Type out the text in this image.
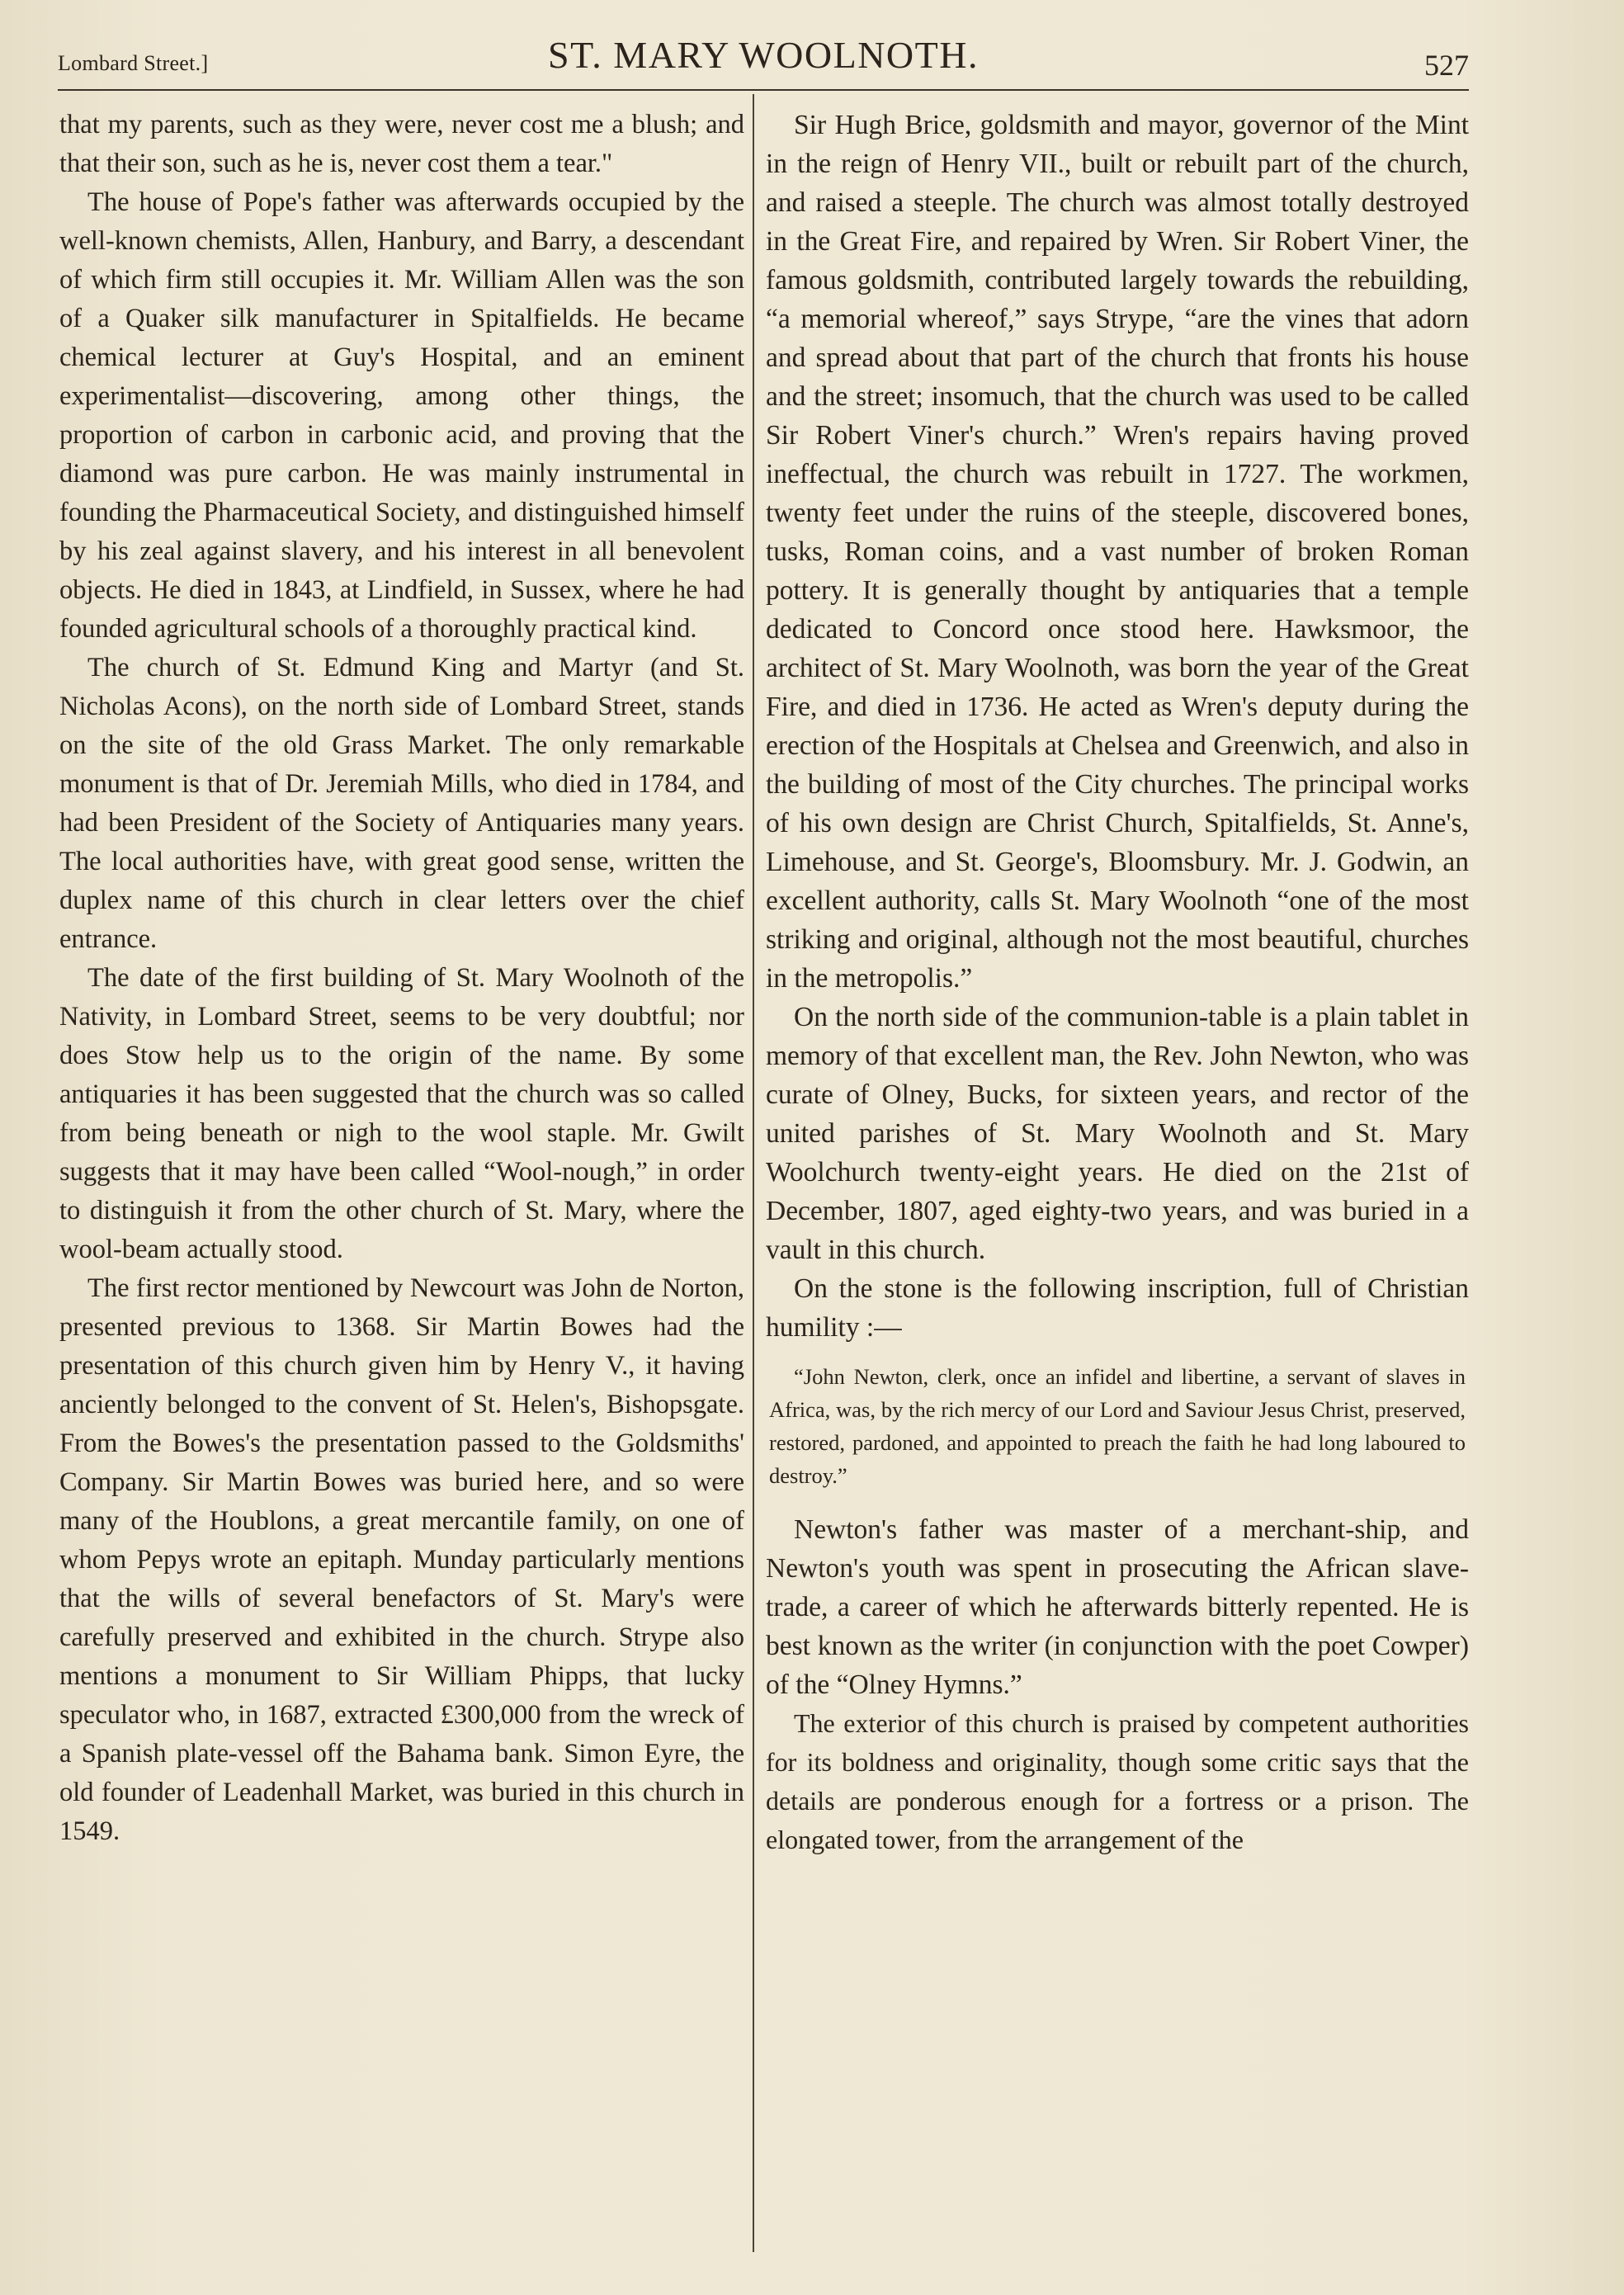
Lombard Street.]	ST. MARY WOOLNOTH.	527

that my parents, such as they were, never cost me a blush; and that their son, such as he is, never cost them a tear."

The house of Pope's father was afterwards occupied by the well-known chemists, Allen, Hanbury, and Barry, a descendant of which firm still occupies it. Mr. William Allen was the son of a Quaker silk manufacturer in Spitalfields. He became chemical lecturer at Guy's Hospital, and an eminent experimentalist—discovering, among other things, the proportion of carbon in carbonic acid, and proving that the diamond was pure carbon. He was mainly instrumental in founding the Pharmaceutical Society, and distinguished himself by his zeal against slavery, and his interest in all benevolent objects. He died in 1843, at Lindfield, in Sussex, where he had founded agricultural schools of a thoroughly practical kind.

The church of St. Edmund King and Martyr (and St. Nicholas Acons), on the north side of Lombard Street, stands on the site of the old Grass Market. The only remarkable monument is that of Dr. Jeremiah Mills, who died in 1784, and had been President of the Society of Antiquaries many years. The local authorities have, with great good sense, written the duplex name of this church in clear letters over the chief entrance.

The date of the first building of St. Mary Woolnoth of the Nativity, in Lombard Street, seems to be very doubtful; nor does Stow help us to the origin of the name. By some antiquaries it has been suggested that the church was so called from being beneath or nigh to the wool staple. Mr. Gwilt suggests that it may have been called “Wool-nough,” in order to distinguish it from the other church of St. Mary, where the wool-beam actually stood.

The first rector mentioned by Newcourt was John de Norton, presented previous to 1368. Sir Martin Bowes had the presentation of this church given him by Henry V., it having anciently belonged to the convent of St. Helen's, Bishopsgate. From the Bowes's the presentation passed to the Goldsmiths' Company. Sir Martin Bowes was buried here, and so were many of the Houblons, a great mercantile family, on one of whom Pepys wrote an epitaph. Munday particularly mentions that the wills of several benefactors of St. Mary's were carefully preserved and exhibited in the church. Strype also mentions a monument to Sir William Phipps, that lucky speculator who, in 1687, extracted £300,000 from the wreck of a Spanish plate-vessel off the Bahama bank. Simon Eyre, the old founder of Leadenhall Market, was buried in this church in 1549.

Sir Hugh Brice, goldsmith and mayor, governor of the Mint in the reign of Henry VII., built or rebuilt part of the church, and raised a steeple. The church was almost totally destroyed in the Great Fire, and repaired by Wren. Sir Robert Viner, the famous goldsmith, contributed largely towards the rebuilding, “a memorial whereof,” says Strype, “are the vines that adorn and spread about that part of the church that fronts his house and the street; insomuch, that the church was used to be called Sir Robert Viner's church.” Wren's repairs having proved ineffectual, the church was rebuilt in 1727. The workmen, twenty feet under the ruins of the steeple, discovered bones, tusks, Roman coins, and a vast number of broken Roman pottery. It is generally thought by antiquaries that a temple dedicated to Concord once stood here. Hawksmoor, the architect of St. Mary Woolnoth, was born the year of the Great Fire, and died in 1736. He acted as Wren's deputy during the erection of the Hospitals at Chelsea and Greenwich, and also in the building of most of the City churches. The principal works of his own design are Christ Church, Spitalfields, St. Anne's, Limehouse, and St. George's, Bloomsbury. Mr. J. Godwin, an excellent authority, calls St. Mary Woolnoth “one of the most striking and original, although not the most beautiful, churches in the metropolis.”

On the north side of the communion-table is a plain tablet in memory of that excellent man, the Rev. John Newton, who was curate of Olney, Bucks, for sixteen years, and rector of the united parishes of St. Mary Woolnoth and St. Mary Woolchurch twenty-eight years. He died on the 21st of December, 1807, aged eighty-two years, and was buried in a vault in this church.

On the stone is the following inscription, full of Christian humility :—

“John Newton, clerk, once an infidel and libertine, a servant of slaves in Africa, was, by the rich mercy of our Lord and Saviour Jesus Christ, preserved, restored, pardoned, and appointed to preach the faith he had long laboured to destroy.”

Newton's father was master of a merchant-ship, and Newton's youth was spent in prosecuting the African slave-trade, a career of which he afterwards bitterly repented. He is best known as the writer (in conjunction with the poet Cowper) of the “Olney Hymns.”

The exterior of this church is praised by competent authorities for its boldness and originality, though some critic says that the details are ponderous enough for a fortress or a prison. The elongated tower, from the arrangement of the
